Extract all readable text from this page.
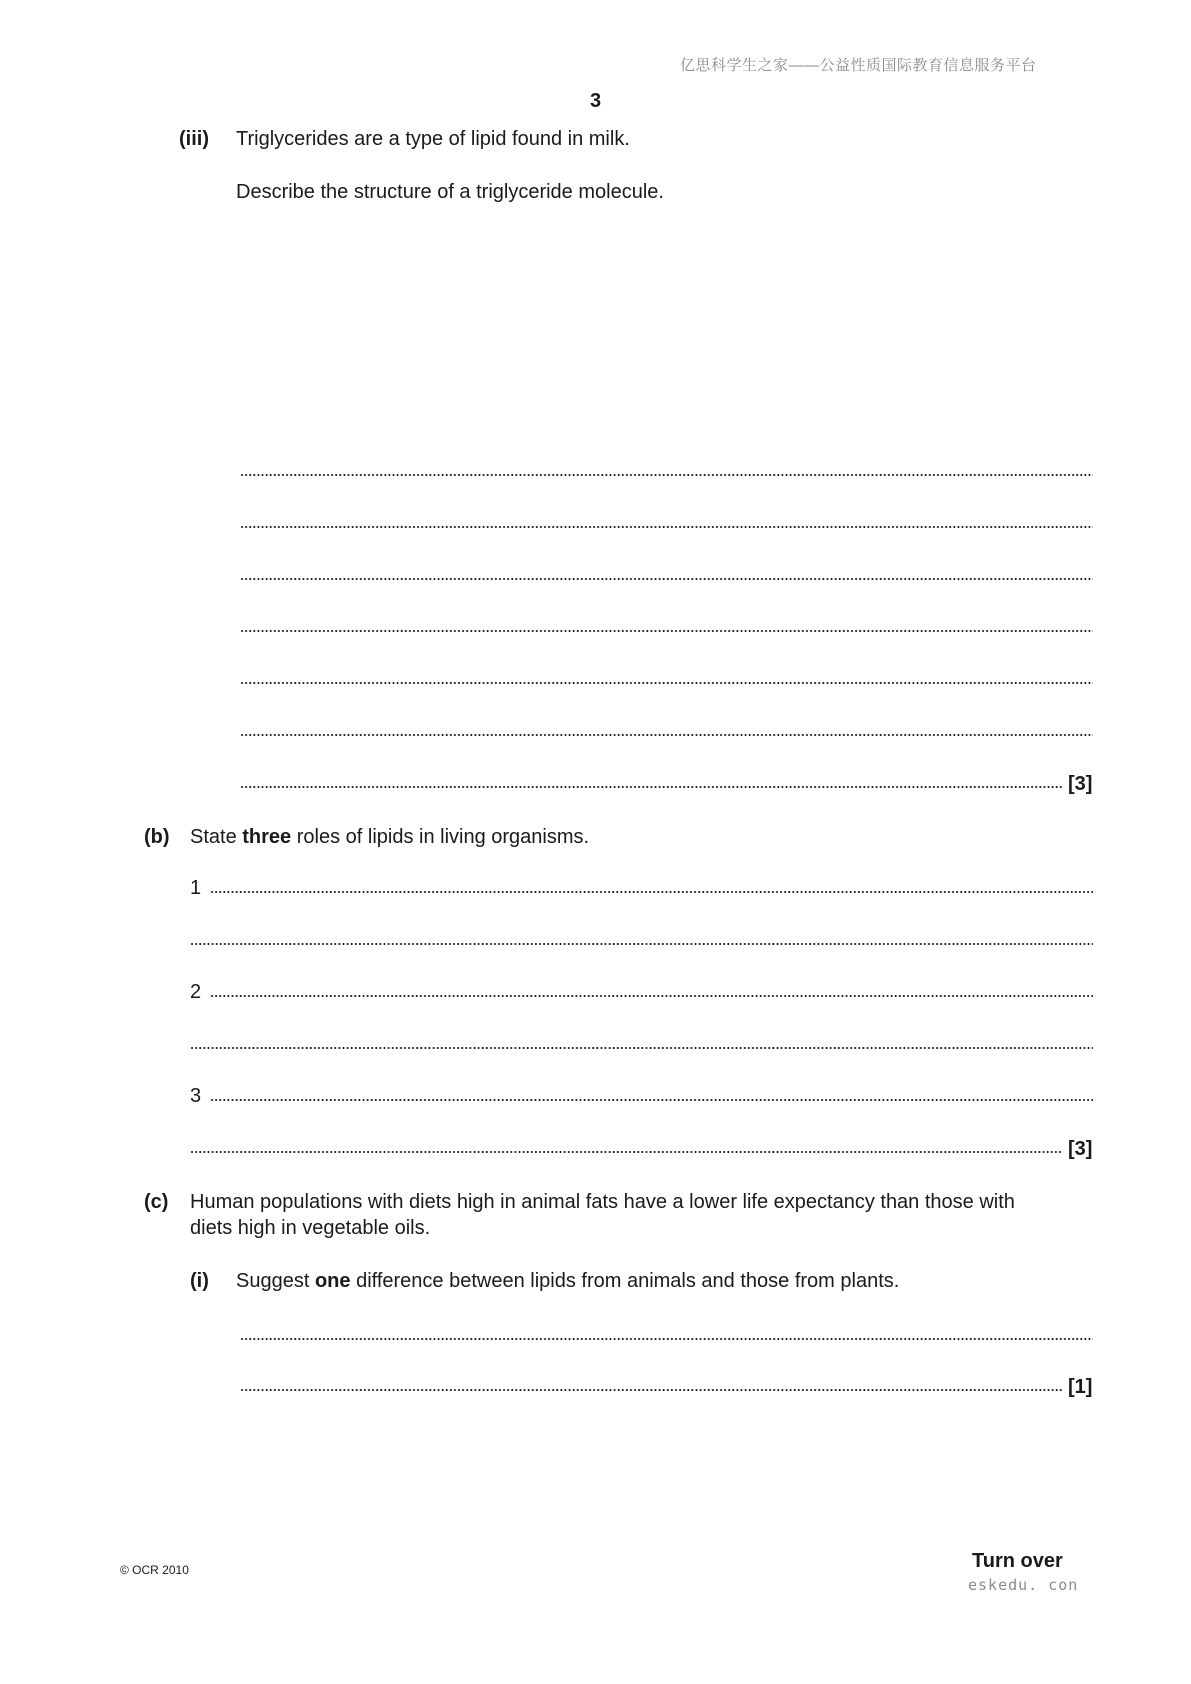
亿思科学生之家——公益性质国际教育信息服务平台
3
(iii) Triglycerides are a type of lipid found in milk.
Describe the structure of a triglyceride molecule.
[3]
(b) State three roles of lipids in living organisms.
1
2
3
[3]
(c) Human populations with diets high in animal fats have a lower life expectancy than those with
diets high in vegetable oils.
(i) Suggest one difference between lipids from animals and those from plants.
[1]
© OCR 2010	Turn over
eskedu. con
